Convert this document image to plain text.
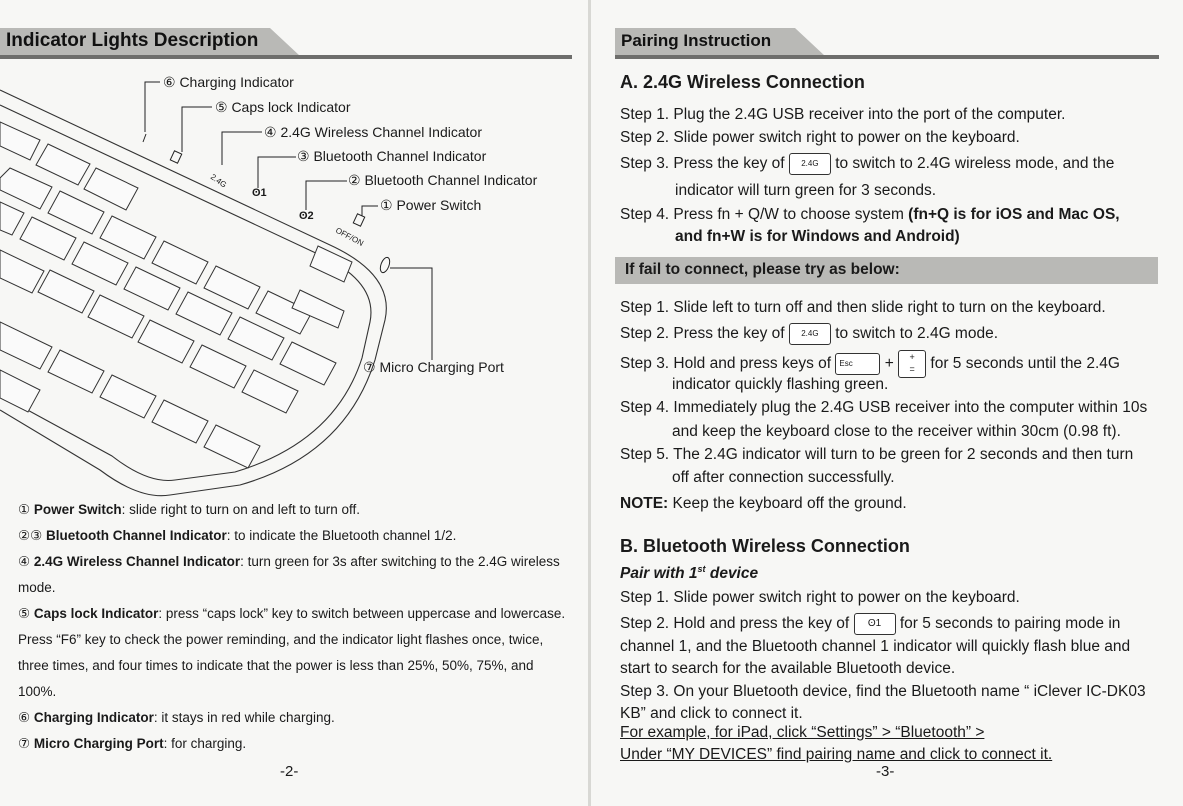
Indicator Lights Description
2.4G
ʘ1
ʘ2
OFF/ON
⑥ Charging Indicator
⑤ Caps lock Indicator
④ 2.4G Wireless Channel Indicator
③ Bluetooth Channel Indicator
② Bluetooth Channel Indicator
① Power Switch
⑦ Micro Charging Port
① Power Switch: slide right to turn on and left to turn off.
②③ Bluetooth Channel Indicator: to indicate the Bluetooth channel 1/2.
④ 2.4G Wireless Channel Indicator: turn green for 3s after switching to the 2.4G wireless mode.
⑤ Caps lock Indicator: press “caps lock” key to switch between uppercase and lowercase. Press “F6” key to check the power reminding, and the indicator light flashes once, twice, three times, and four times to indicate that the power is less than 25%, 50%, 75%, and 100%.
⑥ Charging Indicator: it stays in red while charging.
⑦ Micro Charging Port: for charging.
-2-
Pairing Instruction
A. 2.4G Wireless Connection
Step 1. Plug the 2.4G USB receiver into the port of the computer.
Step 2. Slide power switch right to power on the keyboard.
Step 3. Press the key of 2.4G to switch to 2.4G wireless mode, and the
indicator will turn green for 3 seconds.
Step 4. Press fn + Q/W to choose system (fn+Q is for iOS and Mac OS,
and fn+W is for Windows and Android)
If fail to connect, please try as below:
Step 1. Slide left to turn off and then slide right to turn on the keyboard.
Step 2. Press the key of 2.4G to switch to 2.4G mode.
Step 3. Hold and press keys of Esc + +
= for 5 seconds until the 2.4G
indicator quickly flashing green.
Step 4. Immediately plug the 2.4G USB receiver into the computer within 10s
and keep the keyboard close to the receiver within 30cm (0.98 ft).
Step 5. The 2.4G indicator will turn to be green for 2 seconds and then turn
off after connection successfully.
NOTE: Keep the keyboard off the ground.
B. Bluetooth Wireless Connection
Pair with 1st device
Step 1. Slide power switch right to power on the keyboard.
Step 2. Hold and press the key of ʘ1 for 5 seconds to pairing mode in
channel 1, and the Bluetooth channel 1 indicator will quickly flash blue and
start to search for the available Bluetooth device.
Step 3. On your Bluetooth device, find the Bluetooth name “ iClever IC-DK03
KB” and click to connect it.
For example, for iPad, click “Settings” > “Bluetooth” >
Under “MY DEVICES” find pairing name and click to connect it.
-3-
